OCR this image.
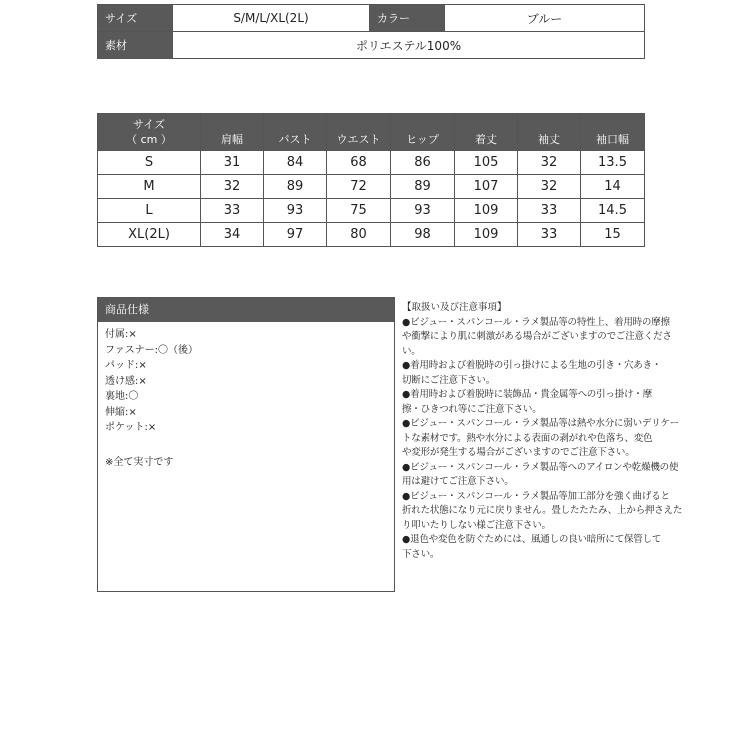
サイズ	S/M/L/XL(2L)	カラー	ブルー
素材	ポリエステル100%		
サイズ
（ cm ）	肩幅	バスト	ウエスト	ヒップ	着丈	袖丈	袖口幅
S	31	84	68	86	105	32	13.5
M	32	89	72	89	107	32	14
L	33	93	75	93	109	33	14.5
XL(2L)	34	97	80	98	109	33	15
商品仕様
付属:×
ファスナー:〇（後）
パッド:×
透け感:×
裏地:〇
伸縮:×
ポケット:×
※全て実寸です
【取扱い及び注意事項】
●ビジュー・スパンコール・ラメ製品等の特性上、着用時の摩擦
や衝撃により肌に刺激がある場合がございますのでご注意くださ
い。
●着用時および着脱時の引っ掛けによる生地の引き・穴あき・
切断にご注意下さい。
●着用時および着脱時に装飾品・貴金属等への引っ掛け・摩
擦・ひきつれ等にご注意下さい。
●ビジュー・スパンコール・ラメ製品等は熱や水分に弱いデリケー
トな素材です。熱や水分による表面の剥がれや色落ち、変色
や変形が発生する場合がございますのでご注意下さい。
●ビジュー・スパンコール・ラメ製品等へのアイロンや乾燥機の使
用は避けてご注意下さい。
●ビジュー・スパンコール・ラメ製品等加工部分を強く曲げると
折れた状態になり元に戻りません。畳したたたみ、上から押さえた
り叩いたりしない様ご注意下さい。
●退色や変色を防ぐためには、風通しの良い暗所にて保管して
下さい。
